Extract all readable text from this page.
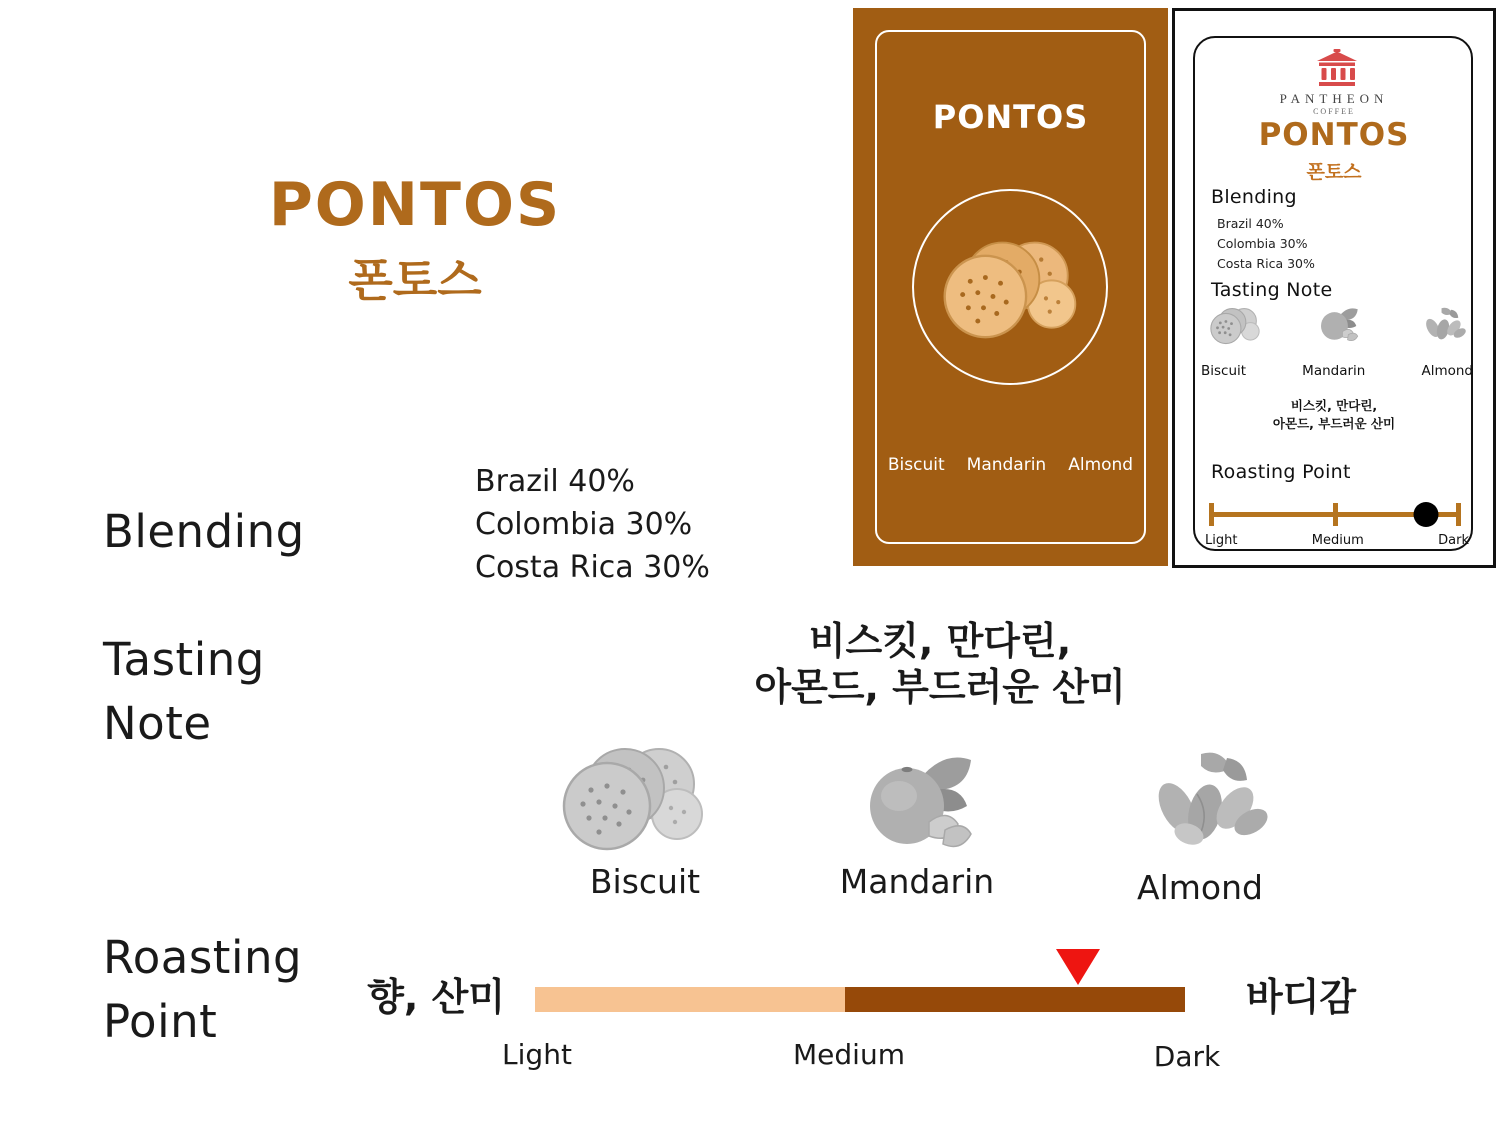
PONTOS
폰토스
Blending
Brazil 40%
Colombia 30%
Costa Rica 30%
Tasting
Note
비스킷, 만다린,
아몬드, 부드러운 산미
Biscuit	Mandarin	Almond
Roasting
Point	향, 산미	바디감
Light	Medium	Dark
PONTOS
Biscuit Mandarin Almond
PANTHEON
COFFEE
PONTOS
폰토스
Blending
Brazil 40%
Colombia 30%
Costa Rica 30%
Tasting Note
Biscuit	Mandarin	Almond
비스킷, 만다린,
아몬드, 부드러운 산미
Roasting Point
Light	Medium	Dark
